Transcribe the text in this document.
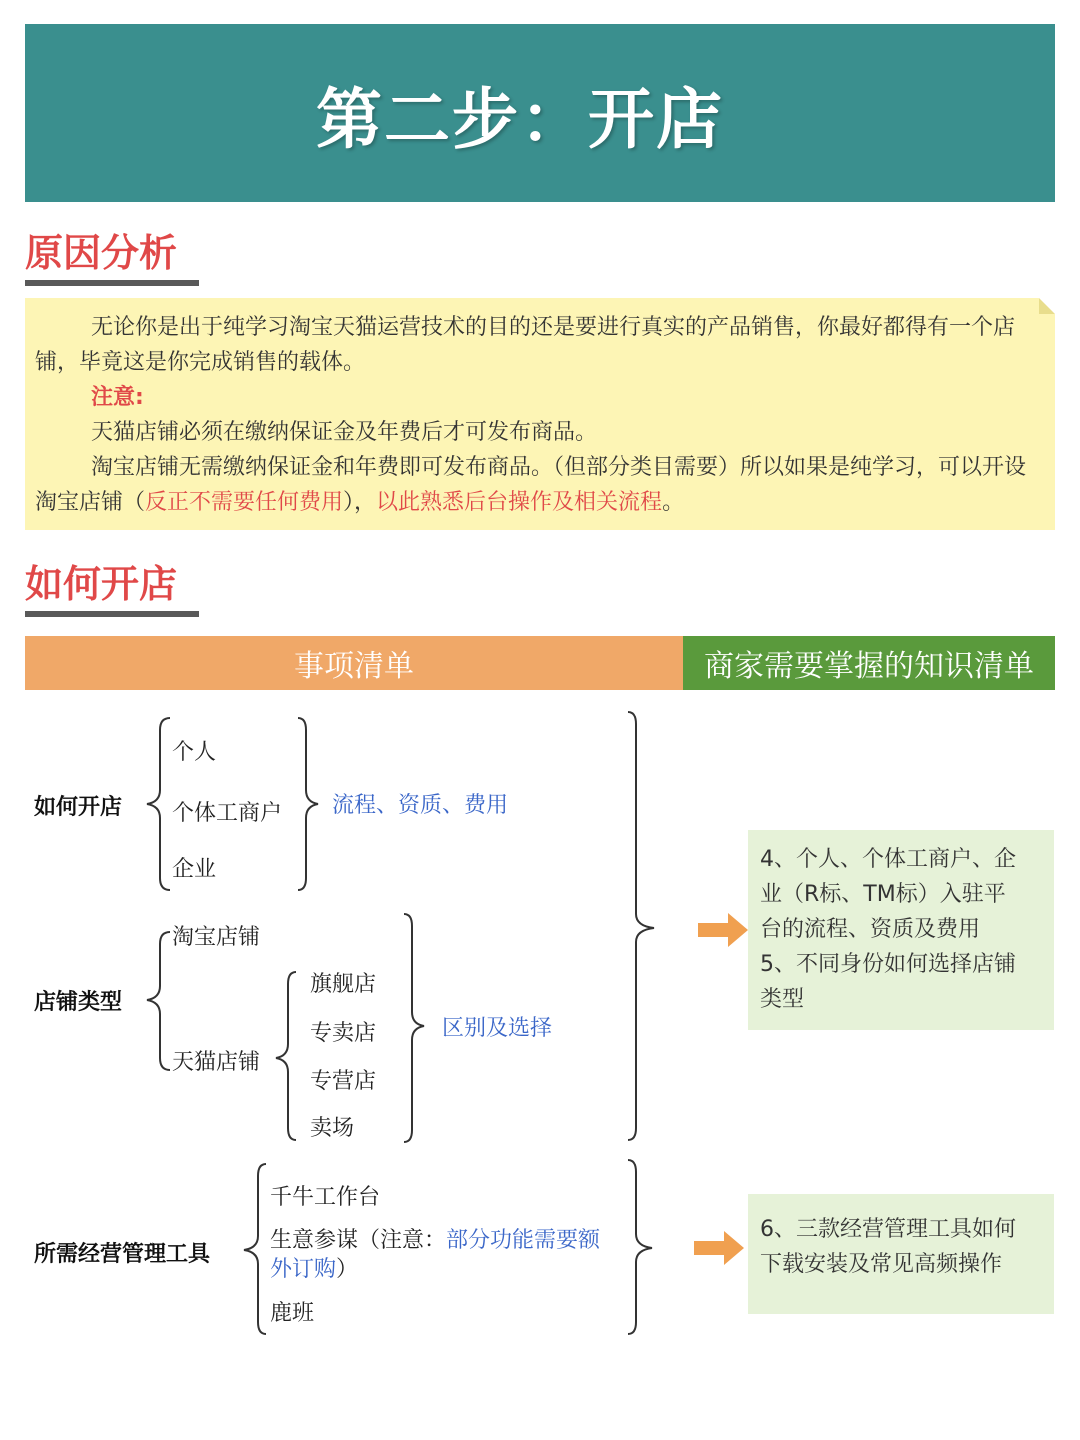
第二步：开店
原因分析

无论你是出于纯学习淘宝天猫运营技术的目的还是要进行真实的产品销售，你最好都得有一个店铺，毕竟这是你完成销售的载体。

注意:

天猫店铺必须在缴纳保证金及年费后才可发布商品。

淘宝店铺无需缴纳保证金和年费即可发布商品。（但部分类目需要）所以如果是纯学习，可以开设淘宝店铺（反正不需要任何费用），以此熟悉后台操作及相关流程。

如何开店
事项清单	商家需要掌握的知识清单
如何开店
个人
个体工商户
企业
流程、资质、费用
店铺类型
淘宝店铺
天猫店铺
旗舰店
专卖店
专营店
卖场
区别及选择
所需经营管理工具
千牛工作台
生意参谋（注意：部分功能需要额
外订购）
鹿班
4、个人、个体工商户、企
业（R标、TM标）入驻平
台的流程、资质及费用
5、不同身份如何选择店铺
类型
6、三款经营管理工具如何
下载安装及常见高频操作
